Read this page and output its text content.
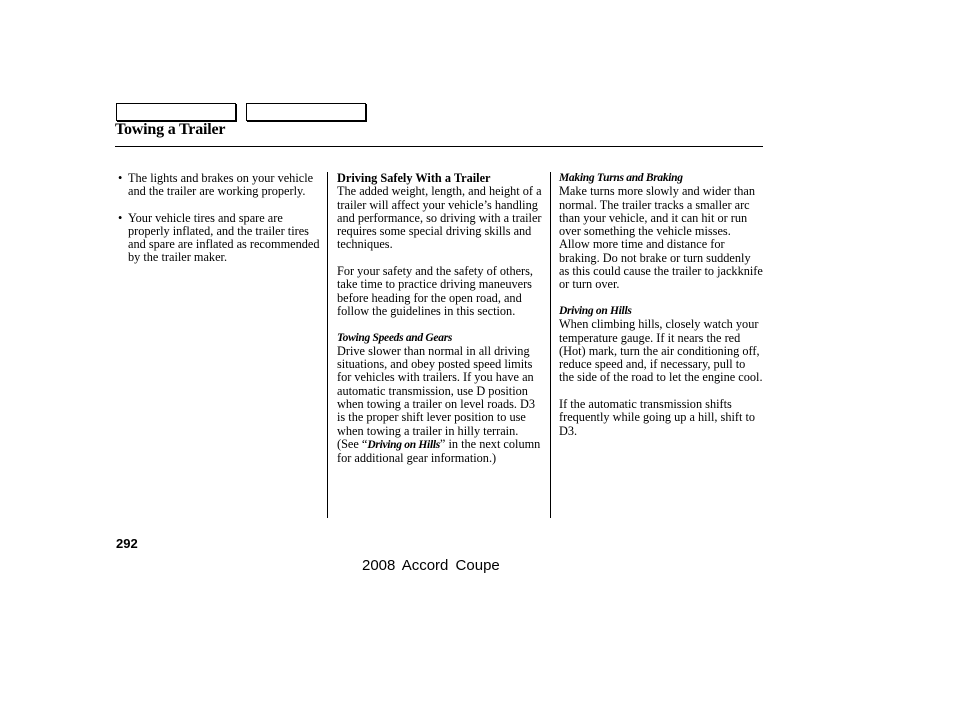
Towing a Trailer
• The lights and brakes on your vehicle and the trailer are working properly.
• Your vehicle tires and spare are properly inflated, and the trailer tires and spare are inflated as recommended by the trailer maker.
Driving Safely With a Trailer

The added weight, length, and height of a trailer will affect your vehicle’s handling and performance, so driving with a trailer requires some special driving skills and techniques.

For your safety and the safety of others, take time to practice driving maneuvers before heading for the open road, and follow the guidelines in this section.

Towing Speeds and Gears

Drive slower than normal in all driving situations, and obey posted speed limits for vehicles with trailers. If you have an automatic transmission, use D position when towing a trailer on level roads. D3 is the proper shift lever position to use when towing a trailer in hilly terrain. (See “Driving on Hills” in the next column for additional gear information.)

Making Turns and Braking

Make turns more slowly and wider than normal. The trailer tracks a smaller arc than your vehicle, and it can hit or run over something the vehicle misses. Allow more time and distance for braking. Do not brake or turn suddenly as this could cause the trailer to jackknife or turn over.

Driving on Hills

When climbing hills, closely watch your temperature gauge. If it nears the red (Hot) mark, turn the air conditioning off, reduce speed and, if necessary, pull to the side of the road to let the engine cool.

If the automatic transmission shifts frequently while going up a hill, shift to D3.

292
2008 Accord Coupe
